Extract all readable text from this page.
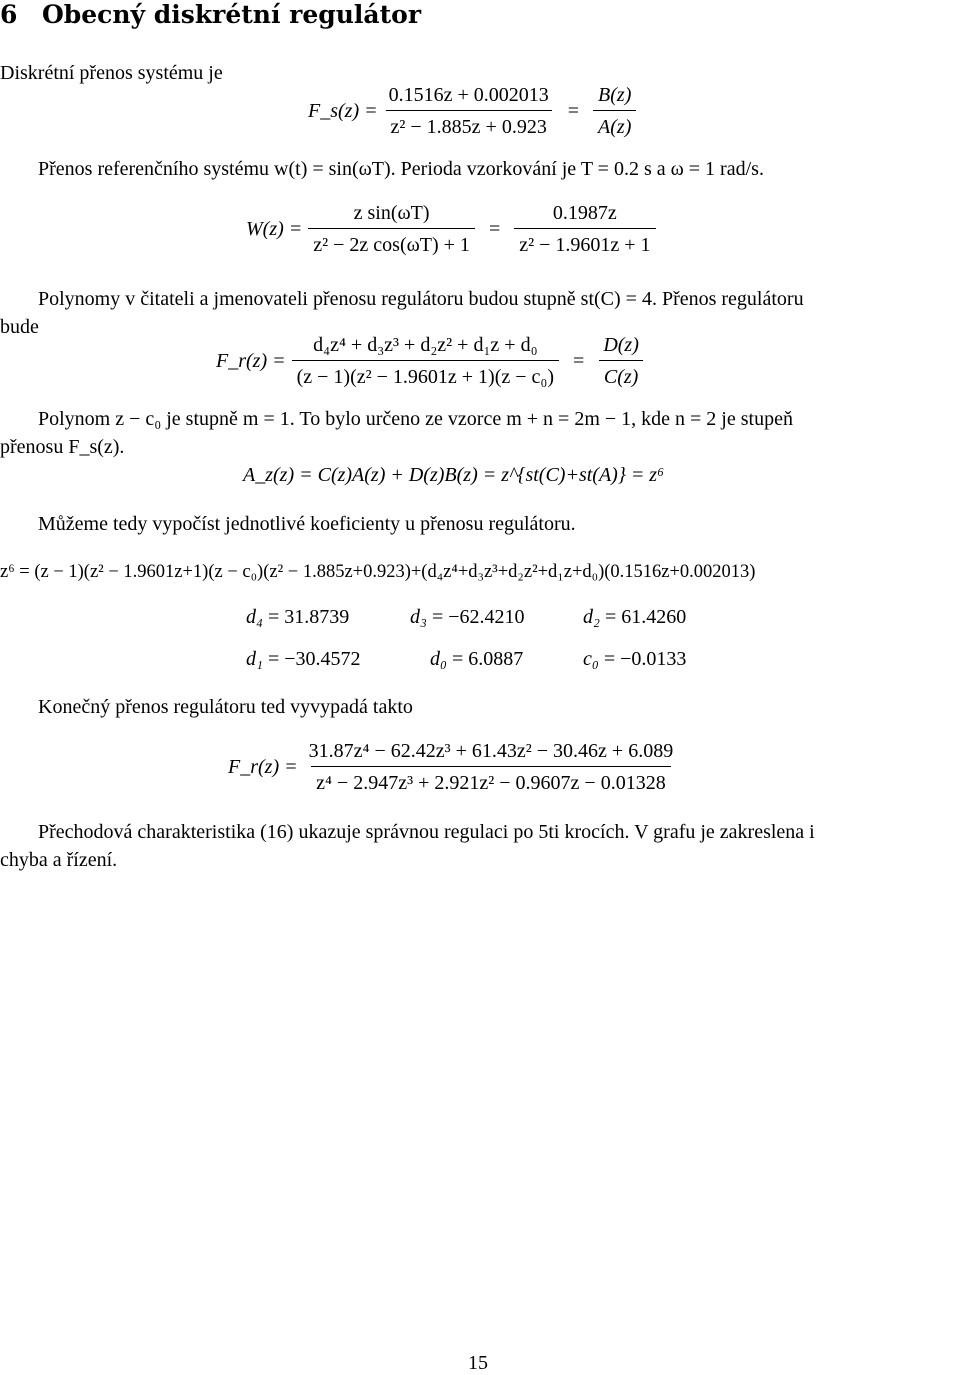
6 Obecný diskrétní regulátor
Diskrétní přenos systému je
F_s(z) = $\frac{0.1516z + 0.002013}{\text{z² − 1.885z + 0.923}} = \frac{B(z)}{A(z)}$
Přenos referenčního systému w(t) = sin(ωT). Perioda vzorkování je T = 0.2 s a ω = 1 rad/s.
$W(z) = \frac{\text{z sin(ωT)}}{\text{z² − 2z cos(ωT) + 1}} = \frac{0.1987z}{\text{z² − 1.9601z + 1}}$
Polynomy v čitateli a jmenovateli přenosu regulátoru budou stupně st(C) = 4. Přenos regulátoru
bude
F_r(z) = $\frac{\text{d₄z⁴ + d₃z³ + d₂z² + d₁z + d₀}}{\text{(z − 1)(z² − 1.9601z + 1)(z − c₀)}} = \frac{D(z)}{C(z)}$
Polynom z − c₀ je stupně m = 1. To bylo určeno ze vzorce m + n = 2m − 1, kde n = 2 je stupeň
přenosu F_s(z).
A_z(z) = C(z)A(z) + D(z)B(z) = z^{st(C)+st(A)} = z⁶
Můžeme tedy vypočíst jednotlivé koeficienty u přenosu regulátoru.
z⁶ = (z − 1)(z² − 1.9601z+1)(z − c₀)(z² − 1.885z+0.923)+(d₄z⁴+d₃z³+d₂z²+d₁z+d₀)(0.1516z+0.002013)
d₄ = 31.8739	d₃ = −62.4210	d₂ = 61.4260
d₁ = −30.4572	d₀ = 6.0887	c₀ = −0.0133
Konečný přenos regulátoru ted vyvypadá takto
F_r(z) = $\frac{\text{31.87z⁴ − 62.42z³ + 61.43z² − 30.46z + 6.089}}{\text{z⁴ − 2.947z³ + 2.921z² − 0.9607z − 0.01328}}$
Přechodová charakteristika (16) ukazuje správnou regulaci po 5ti krocích. V grafu je zakreslena i
chyba a řízení.
15
